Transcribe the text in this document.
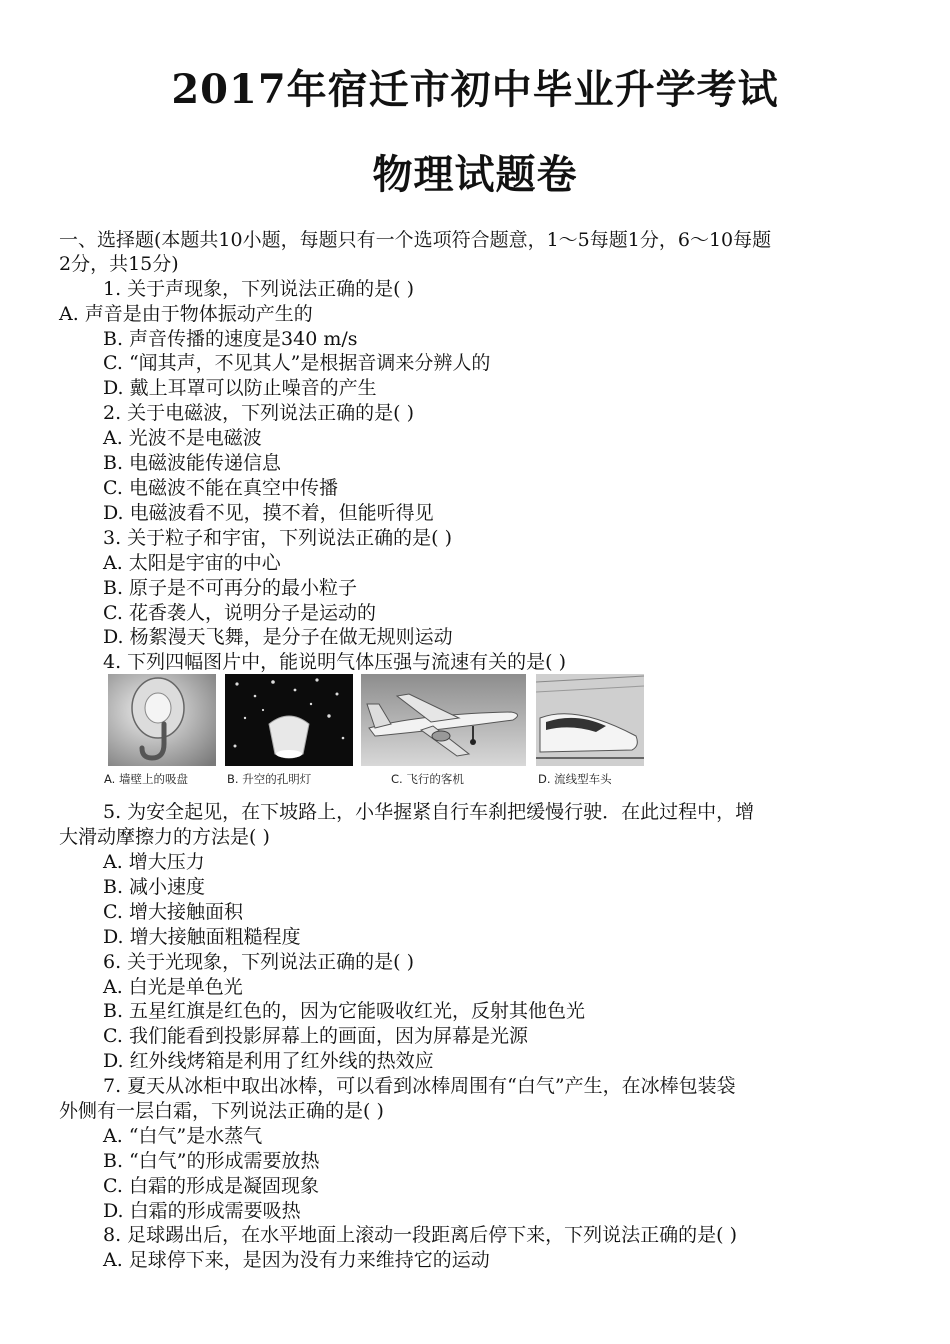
2017年宿迁市初中毕业升学考试
物理试题卷
一、选择题(本题共10小题，每题只有一个选项符合题意，1～5每题1分，6～10每题
2分，共15分)
1. 关于声现象，下列说法正确的是( )
A. 声音是由于物体振动产生的
B. 声音传播的速度是340 m/s
C. “闻其声，不见其人”是根据音调来分辨人的
D. 戴上耳罩可以防止噪音的产生
2. 关于电磁波，下列说法正确的是( )
A. 光波不是电磁波
B. 电磁波能传递信息
C. 电磁波不能在真空中传播
D. 电磁波看不见，摸不着，但能听得见
3. 关于粒子和宇宙，下列说法正确的是( )
A. 太阳是宇宙的中心
B. 原子是不可再分的最小粒子
C. 花香袭人，说明分子是运动的
D. 杨絮漫天飞舞，是分子在做无规则运动
4. 下列四幅图片中，能说明气体压强与流速有关的是( )
A. 墙壁上的吸盘	B. 升空的孔明灯	C. 飞行的客机	D. 流线型车头
5. 为安全起见，在下坡路上，小华握紧自行车刹把缓慢行驶．在此过程中，增
大滑动摩擦力的方法是( )
A. 增大压力
B. 减小速度
C. 增大接触面积
D. 增大接触面粗糙程度
6. 关于光现象，下列说法正确的是( )
A. 白光是单色光
B. 五星红旗是红色的，因为它能吸收红光，反射其他色光
C. 我们能看到投影屏幕上的画面，因为屏幕是光源
D. 红外线烤箱是利用了红外线的热效应
7. 夏天从冰柜中取出冰棒，可以看到冰棒周围有“白气”产生，在冰棒包装袋
外侧有一层白霜，下列说法正确的是( )
A. “白气”是水蒸气
B. “白气”的形成需要放热
C. 白霜的形成是凝固现象
D. 白霜的形成需要吸热
8. 足球踢出后，在水平地面上滚动一段距离后停下来，下列说法正确的是( )
A. 足球停下来，是因为没有力来维持它的运动
